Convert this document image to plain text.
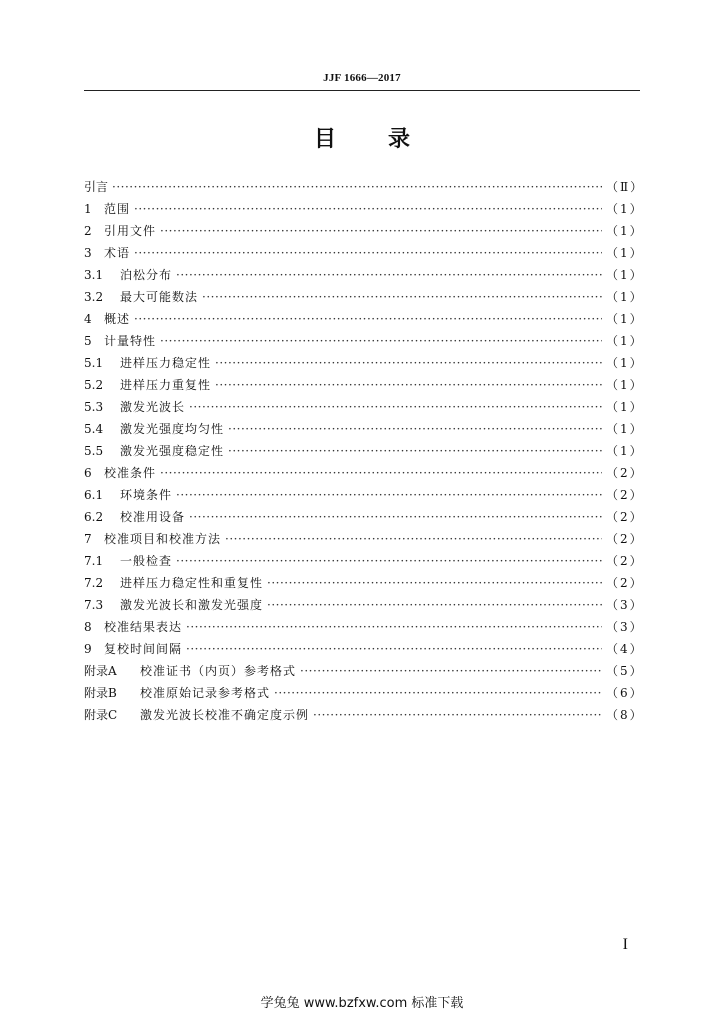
JJF 1666—2017
目 录
引言 ·····	（Ⅱ）
1	范围 ·····	（1）
2	引用文件 ·····	（1）
3	术语 ·····	（1）
3.1	泊松分布 ·····	（1）
3.2	最大可能数法 ·····	（1）
4	概述 ·····	（1）
5	计量特性 ·····	（1）
5.1	进样压力稳定性 ·····	（1）
5.2	进样压力重复性 ·····	（1）
5.3	激发光波长 ·····	（1）
5.4	激发光强度均匀性 ·····	（1）
5.5	激发光强度稳定性 ·····	（1）
6	校准条件 ·····	（2）
6.1	环境条件 ·····	（2）
6.2	校准用设备 ·····	（2）
7	校准项目和校准方法 ·····	（2）
7.1	一般检查 ·····	（2）
7.2	进样压力稳定性和重复性 ·····	（2）
7.3	激发光波长和激发光强度 ·····	（3）
8	校准结果表达 ·····	（3）
9	复校时间间隔 ·····	（4）
附录A	校准证书（内页）参考格式 ·····	（5）
附录B	校准原始记录参考格式 ·····	（6）
附录C	激发光波长校准不确定度示例 ·····	（8）
I
学兔兔 www.bzfxw.com 标准下载
